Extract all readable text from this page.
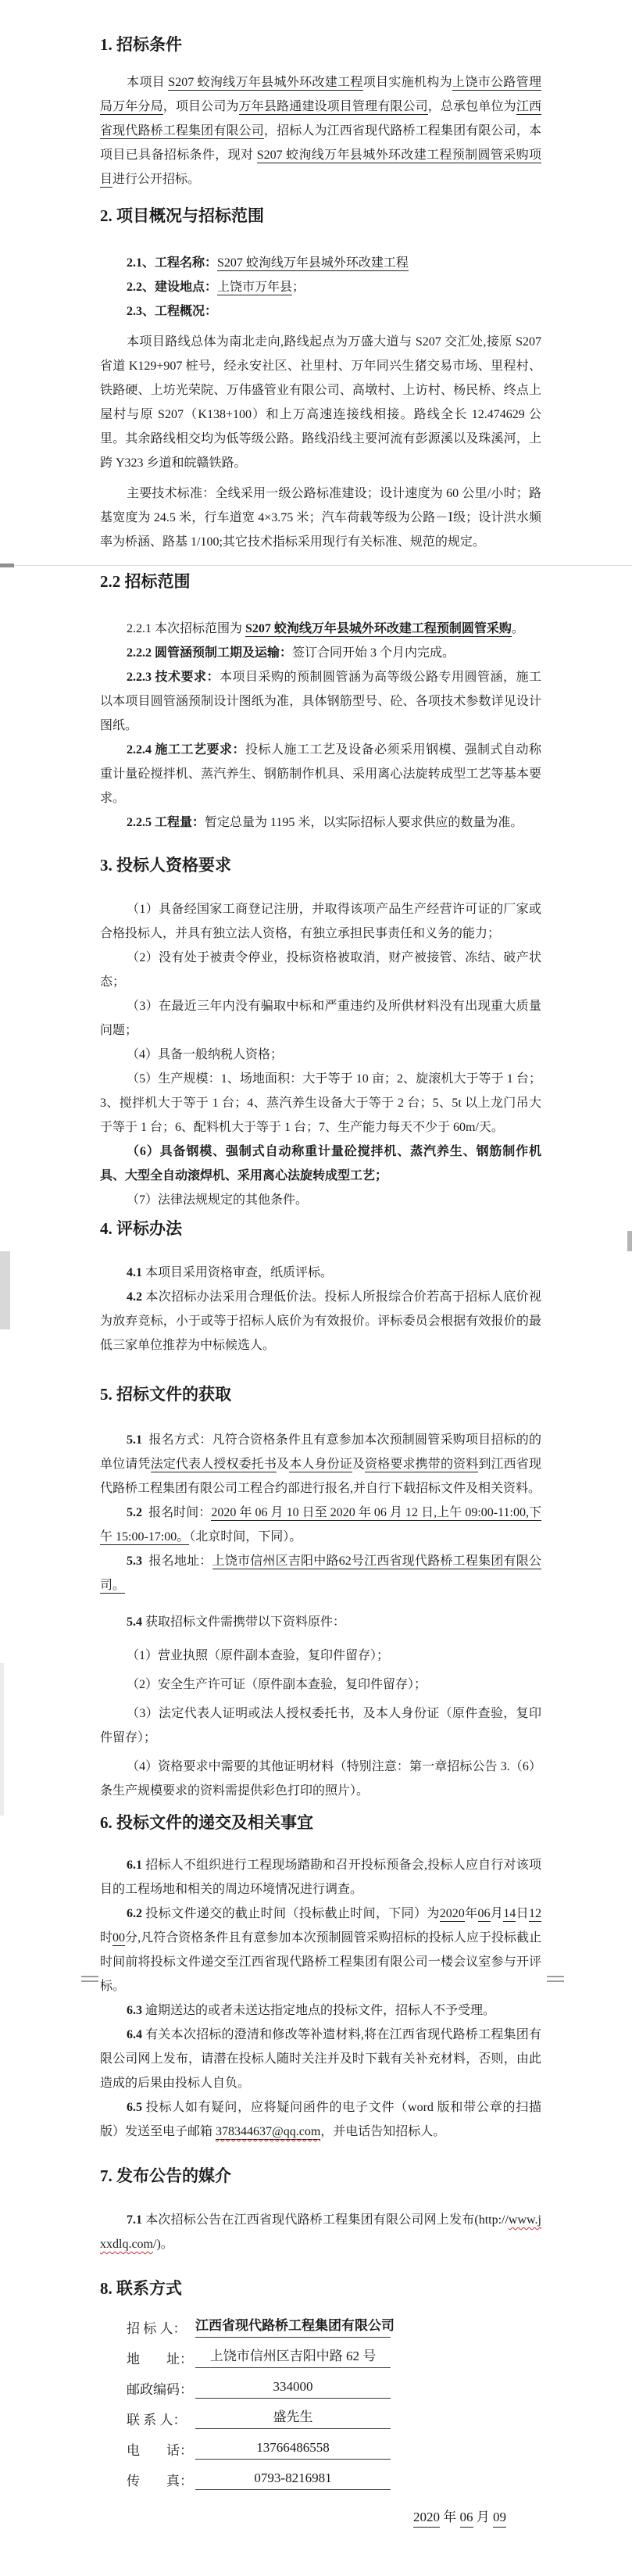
1. 招标条件

本项目 S207 蛟洵线万年县城外环改建工程项目实施机构为上饶市公路管理局万年分局，项目公司为万年县路通建设项目管理有限公司，总承包单位为江西省现代路桥工程集团有限公司，招标人为江西省现代路桥工程集团有限公司，本项目已具备招标条件，现对 S207 蛟洵线万年县城外环改建工程预制圆管采购项目进行公开招标。

2. 项目概况与招标范围

2.1、工程名称：S207 蛟洵线万年县城外环改建工程

2.2、建设地点：上饶市万年县；

2.3、工程概况：

本项目路线总体为南北走向,路线起点为万盛大道与 S207 交汇处,接原 S207 省道 K129+907 桩号，经永安社区、社里村、万年同兴生猪交易市场、里程村、铁路硬、上坊光荣院、万伟盛管业有限公司、高墩村、上访村、杨民桥、终点上屋村与原 S207（K138+100）和上万高速连接线相接。路线全长 12.474629 公里。其余路线相交均为低等级公路。路线沿线主要河流有彭源溪以及珠溪河，上跨 Y323 乡道和皖赣铁路。

主要技术标准：全线采用一级公路标准建设；设计速度为 60 公里/小时；路基宽度为 24.5 米，行车道宽 4×3.75 米；汽车荷载等级为公路－Ⅰ级；设计洪水频率为桥涵、路基 1/100;其它技术指标采用现行有关标准、规范的规定。

2.2 招标范围

2.2.1 本次招标范围为 S207 蛟洵线万年县城外环改建工程预制圆管采购。

2.2.2 圆管涵预制工期及运输：签订合同开始 3 个月内完成。

2.2.3 技术要求：本项目采购的预制圆管涵为高等级公路专用圆管涵，施工以本项目圆管涵预制设计图纸为准，具体钢筋型号、砼、各项技术参数详见设计图纸。

2.2.4 施工工艺要求：投标人施工工艺及设备必须采用钢模、强制式自动称重计量砼搅拌机、蒸汽养生、钢筋制作机具、采用离心法旋转成型工艺等基本要求。

2.2.5 工程量：暂定总量为 1195 米，以实际招标人要求供应的数量为准。

3. 投标人资格要求

（1）具备经国家工商登记注册，并取得该项产品生产经营许可证的厂家或合格投标人，并具有独立法人资格，有独立承担民事责任和义务的能力；

（2）没有处于被责令停业，投标资格被取消，财产被接管、冻结、破产状态；

（3）在最近三年内没有骗取中标和严重违约及所供材料没有出现重大质量问题；

（4）具备一般纳税人资格；

（5）生产规模：1、场地面积：大于等于 10 亩；2、旋滚机大于等于 1 台；3、搅拌机大于等于 1 台；4、蒸汽养生设备大于等于 2 台；5、5t 以上龙门吊大于等于 1 台；6、配料机大于等于 1 台；7、生产能力每天不少于 60m/天。

（6）具备钢模、强制式自动称重计量砼搅拌机、蒸汽养生、钢筋制作机具、大型全自动滚焊机、采用离心法旋转成型工艺；

（7）法律法规规定的其他条件。

4. 评标办法

4.1 本项目采用资格审查，纸质评标。

4.2 本次招标办法采用合理低价法。投标人所报综合价若高于招标人底价视为放弃竞标，小于或等于招标人底价为有效报价。评标委员会根据有效报价的最低三家单位推荐为中标候选人。

5. 招标文件的获取

5.1  报名方式：凡符合资格条件且有意参加本次预制圆管采购项目招标的的单位请凭法定代表人授权委托书及本人身份证及资格要求携带的资料到江西省现代路桥工程集团有限公司工程合约部进行报名,并自行下载招标文件及相关资料。

5.2  报名时间：2020 年 06 月 10 日至 2020 年 06 月 12 日,上午 09:00-11:00,下午 15:00-17:00。（北京时间，下同）。

5.3  报名地址：上饶市信州区吉阳中路62号江西省现代路桥工程集团有限公司。

5.4 获取招标文件需携带以下资料原件：

（1）营业执照（原件副本查验，复印件留存）；

（2）安全生产许可证（原件副本查验，复印件留存）；

（3）法定代表人证明或法人授权委托书，及本人身份证（原件查验，复印件留存）；

（4）资格要求中需要的其他证明材料（特别注意：第一章招标公告 3.（6）条生产规模要求的资料需提供彩色打印的照片）。

6. 投标文件的递交及相关事宜

6.1 招标人不组织进行工程现场踏勘和召开投标预备会,投标人应自行对该项目的工程场地和相关的周边环境情况进行调查。

6.2 投标文件递交的截止时间（投标截止时间，下同）为2020年06月14日12时00分,凡符合资格条件且有意参加本次预制圆管采购招标的投标人应于投标截止时间前将投标文件递交至江西省现代路桥工程集团有限公司一楼会议室参与开评标。

6.3 逾期送达的或者未送达指定地点的投标文件，招标人不予受理。

6.4 有关本次招标的澄清和修改等补遗材料,将在江西省现代路桥工程集团有限公司网上发布，请潜在投标人随时关注并及时下载有关补充材料，否则，由此造成的后果由投标人自负。

6.5 投标人如有疑问，应将疑问函件的电子文件（word 版和带公章的扫描版）发送至电子邮箱 378344637@qq.com，并电话告知招标人。

7. 发布公告的媒介

7.1 本次招标公告在江西省现代路桥工程集团有限公司网上发布(http://www.jxxdlq.com/)。

8. 联系方式
招 标 人： 江西省现代路桥工程集团有限公司
地　　址：	上饶市信州区吉阳中路 62 号
邮政编码：	334000
联 系 人：	盛先生
电　　话：	13766486558
传　　真：	0793-8216981
2020 年 06 月 09
